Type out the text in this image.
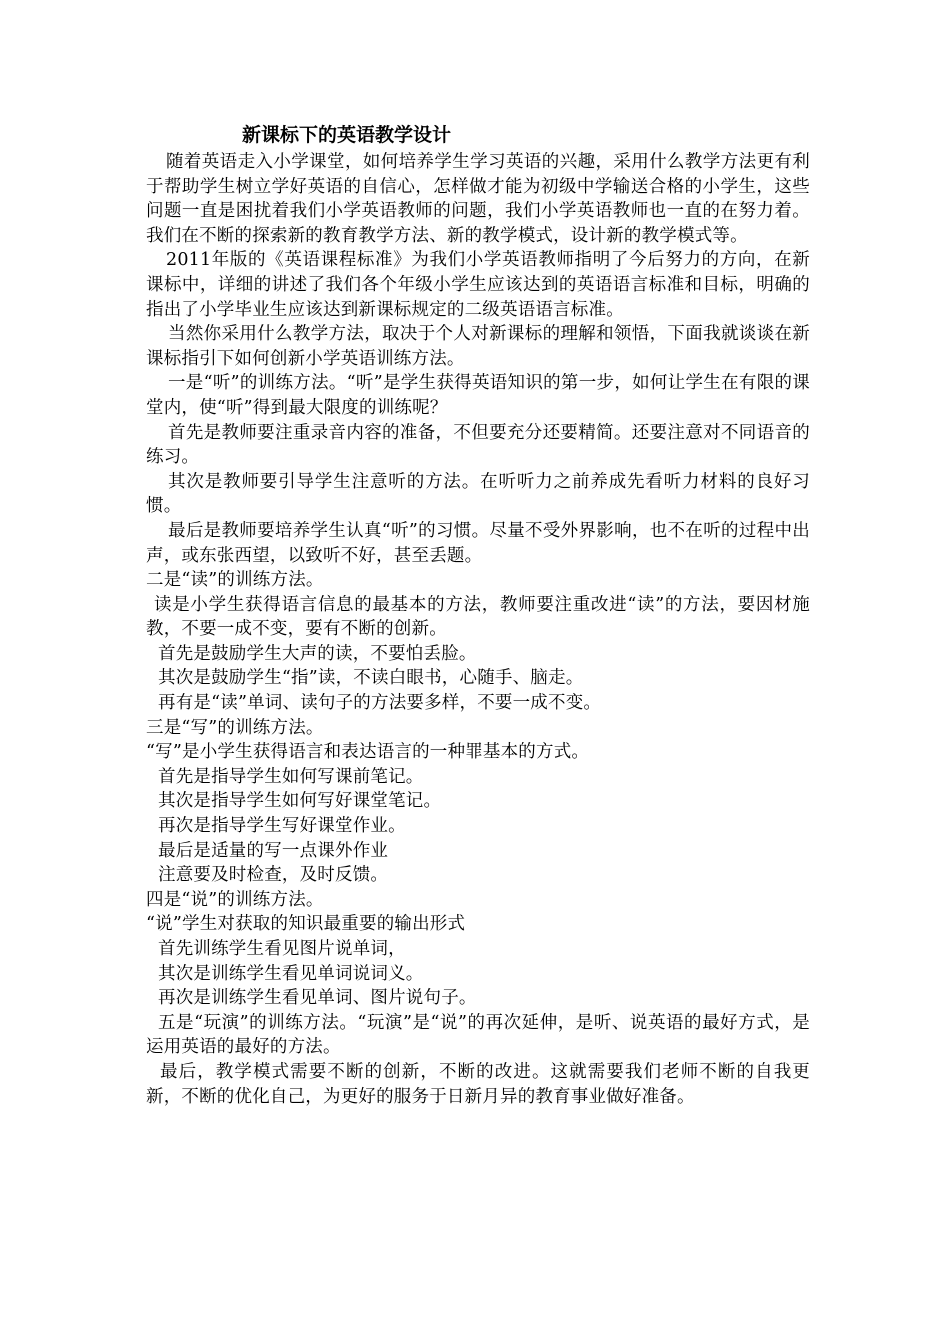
新课标下的英语教学设计

随着英语走入小学课堂，如何培养学生学习英语的兴趣，采用什么教学方法更有利于帮助学生树立学好英语的自信心，怎样做才能为初级中学输送合格的小学生，这些问题一直是困扰着我们小学英语教师的问题，我们小学英语教师也一直的在努力着。我们在不断的探索新的教育教学方法、新的教学模式，设计新的教学模式等。

2011年版的《英语课程标准》为我们小学英语教师指明了今后努力的方向，在新课标中，详细的讲述了我们各个年级小学生应该达到的英语语言标准和目标，明确的指出了小学毕业生应该达到新课标规定的二级英语语言标准。

当然你采用什么教学方法，取决于个人对新课标的理解和领悟，下面我就谈谈在新课标指引下如何创新小学英语训练方法。

一是“听”的训练方法。“听”是学生获得英语知识的第一步，如何让学生在有限的课堂内，使“听”得到最大限度的训练呢？

首先是教师要注重录音内容的准备，不但要充分还要精简。还要注意对不同语音的练习。

其次是教师要引导学生注意听的方法。在听听力之前养成先看听力材料的良好习惯。

最后是教师要培养学生认真“听”的习惯。尽量不受外界影响，也不在听的过程中出声，或东张西望，以致听不好，甚至丢题。

二是“读”的训练方法。

读是小学生获得语言信息的最基本的方法，教师要注重改进“读”的方法，要因材施教，不要一成不变，要有不断的创新。

首先是鼓励学生大声的读，不要怕丢脸。

其次是鼓励学生“指”读，不读白眼书，心随手、脑走。

再有是“读”单词、读句子的方法要多样，不要一成不变。

三是“写”的训练方法。

“写”是小学生获得语言和表达语言的一种罪基本的方式。

首先是指导学生如何写课前笔记。

其次是指导学生如何写好课堂笔记。

再次是指导学生写好课堂作业。

最后是适量的写一点课外作业

注意要及时检查，及时反馈。

四是“说”的训练方法。

“说”学生对获取的知识最重要的输出形式

首先训练学生看见图片说单词，

其次是训练学生看见单词说词义。

再次是训练学生看见单词、图片说句子。

五是“玩演”的训练方法。“玩演”是“说”的再次延伸，是听、说英语的最好方式，是运用英语的最好的方法。

最后，教学模式需要不断的创新，不断的改进。这就需要我们老师不断的自我更新，不断的优化自己，为更好的服务于日新月异的教育事业做好准备。
